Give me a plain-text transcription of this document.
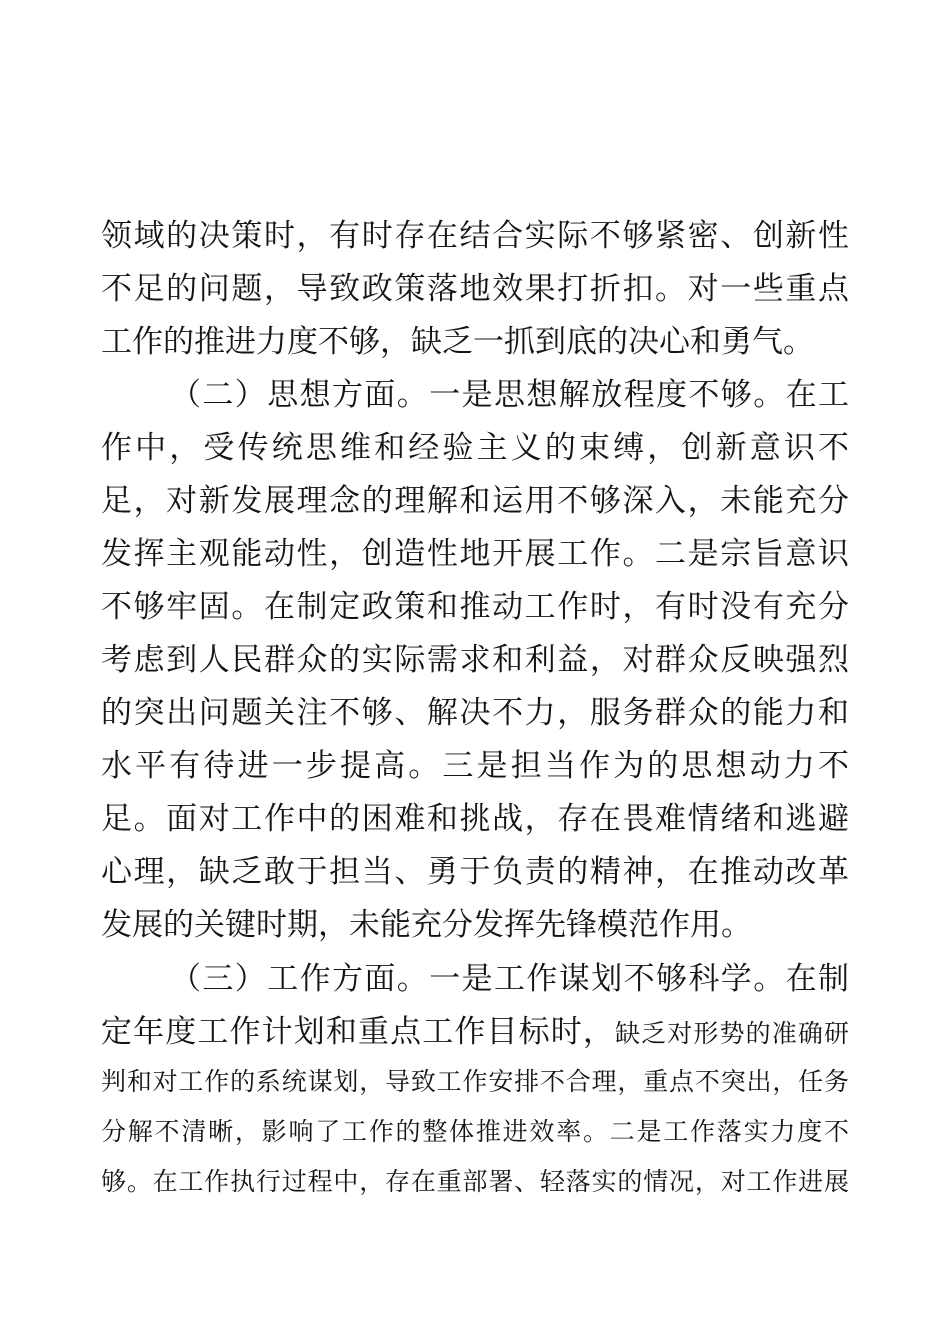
领域的决策时，有时存在结合实际不够紧密、创新性
不足的问题，导致政策落地效果打折扣。对一些重点
工作的推进力度不够，缺乏一抓到底的决心和勇气。
（二）思想方面。一是思想解放程度不够。在工
作中，受传统思维和经验主义的束缚，创新意识不
足，对新发展理念的理解和运用不够深入，未能充分
发挥主观能动性，创造性地开展工作。二是宗旨意识
不够牢固。在制定政策和推动工作时，有时没有充分
考虑到人民群众的实际需求和利益，对群众反映强烈
的突出问题关注不够、解决不力，服务群众的能力和
水平有待进一步提高。三是担当作为的思想动力不
足。面对工作中的困难和挑战，存在畏难情绪和逃避
心理，缺乏敢于担当、勇于负责的精神，在推动改革
发展的关键时期，未能充分发挥先锋模范作用。
（三）工作方面。一是工作谋划不够科学。在制
定年度工作计划和重点工作目标时，缺乏对形势的准确研
判和对工作的系统谋划，导致工作安排不合理，重点不突出，任务
分解不清晰，影响了工作的整体推进效率。二是工作落实力度不
够。在工作执行过程中，存在重部署、轻落实的情况，对工作进展
